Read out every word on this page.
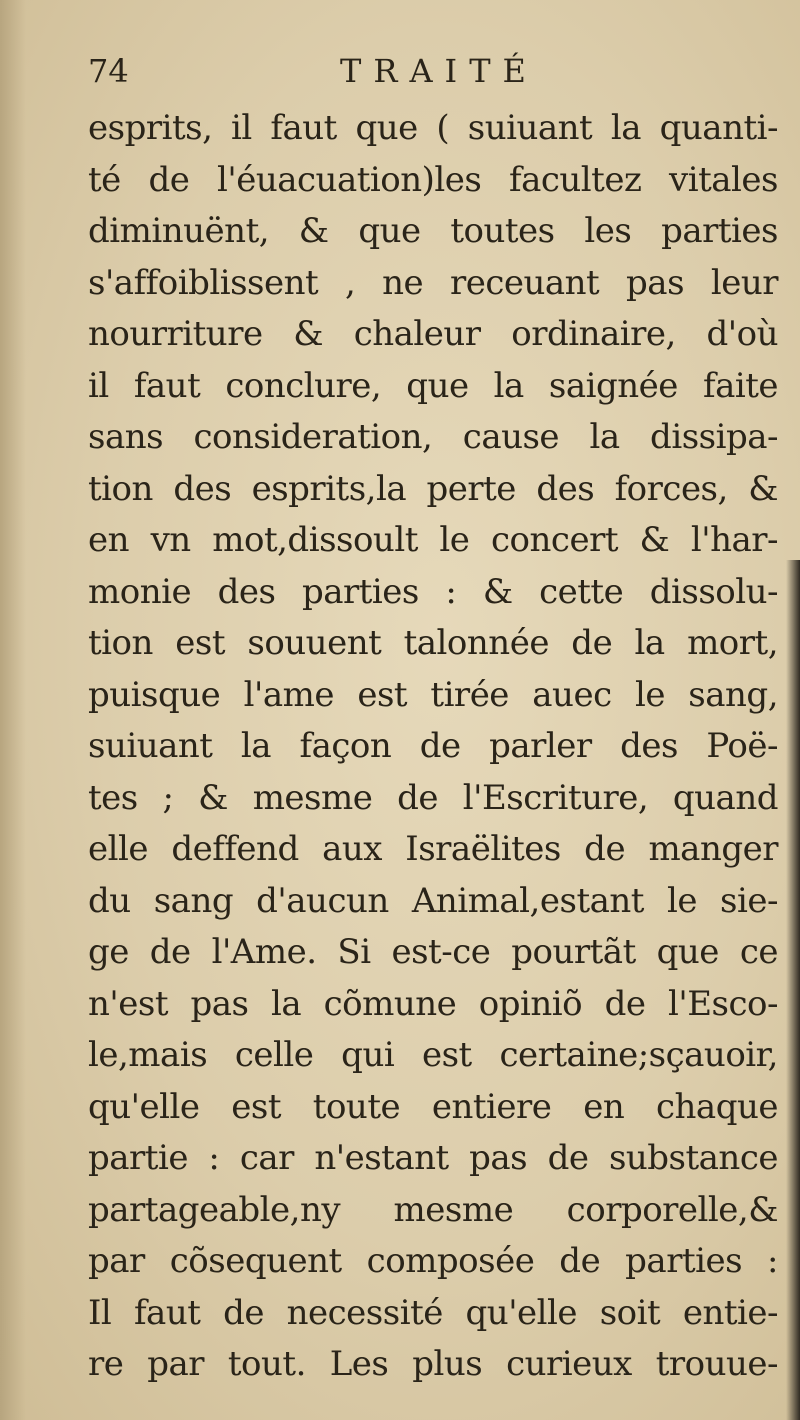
74	TRAITÉ
esprits, il faut que ( suiuant la quanti-
té de l'éuacuation)les facultez vitales
diminuënt, & que toutes les parties
s'affoiblissent , ne receuant pas leur
nourriture & chaleur ordinaire, d'où
il faut conclure, que la saignée faite
sans consideration, cause la dissipa-
tion des esprits,la perte des forces, &
en vn mot,dissoult le concert & l'har-
monie des parties : & cette dissolu-
tion est souuent talonnée de la mort,
puisque l'ame est tirée auec le sang,
suiuant la façon de parler des Poë-
tes ; & mesme de l'Escriture, quand
elle deffend aux Israëlites de manger
du sang d'aucun Animal,estant le sie-
ge de l'Ame. Si est-ce pourtãt que ce
n'est pas la cõmune opiniõ de l'Esco-
le,mais celle qui est certaine;sçauoir,
qu'elle est toute entiere en chaque
partie : car n'estant pas de substance
partageable,ny mesme corporelle,&
par cõsequent composée de parties :
Il faut de necessité qu'elle soit entie-
re par tout. Les plus curieux trouue-
